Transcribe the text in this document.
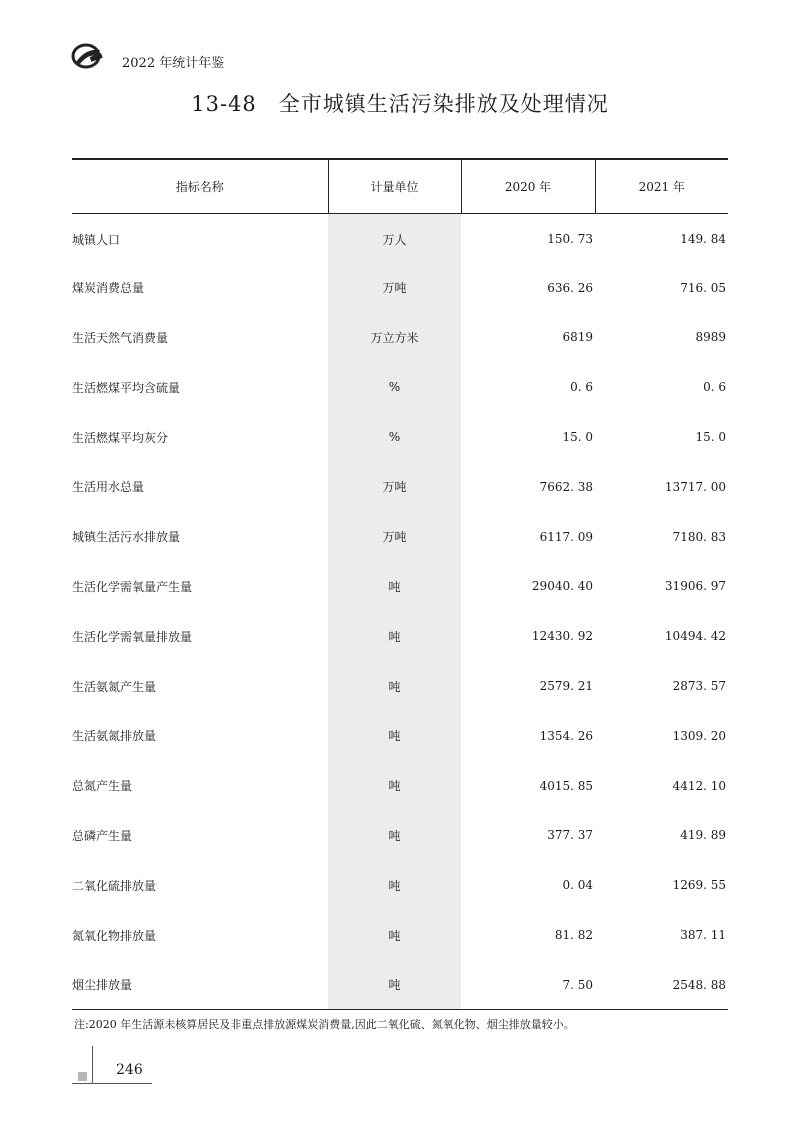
2022 年统计年鉴
13-48　全市城镇生活污染排放及处理情况
指标名称	计量单位	2020 年	2021 年
城镇人口	万人	150. 73	149. 84
煤炭消费总量	万吨	636. 26	716. 05
生活天然气消费量	万立方米	6819	8989
生活燃煤平均含硫量	%	0. 6	0. 6
生活燃煤平均灰分	%	15. 0	15. 0
生活用水总量	万吨	7662. 38	13717. 00
城镇生活污水排放量	万吨	6117. 09	7180. 83
生活化学需氧量产生量	吨	29040. 40	31906. 97
生活化学需氧量排放量	吨	12430. 92	10494. 42
生活氨氮产生量	吨	2579. 21	2873. 57
生活氨氮排放量	吨	1354. 26	1309. 20
总氮产生量	吨	4015. 85	4412. 10
总磷产生量	吨	377. 37	419. 89
二氧化硫排放量	吨	0. 04	1269. 55
氮氧化物排放量	吨	81. 82	387. 11
烟尘排放量	吨	7. 50	2548. 88
注:2020 年生活源未核算居民及非重点排放源煤炭消费量,因此二氧化硫、氮氧化物、烟尘排放量较小。
246
